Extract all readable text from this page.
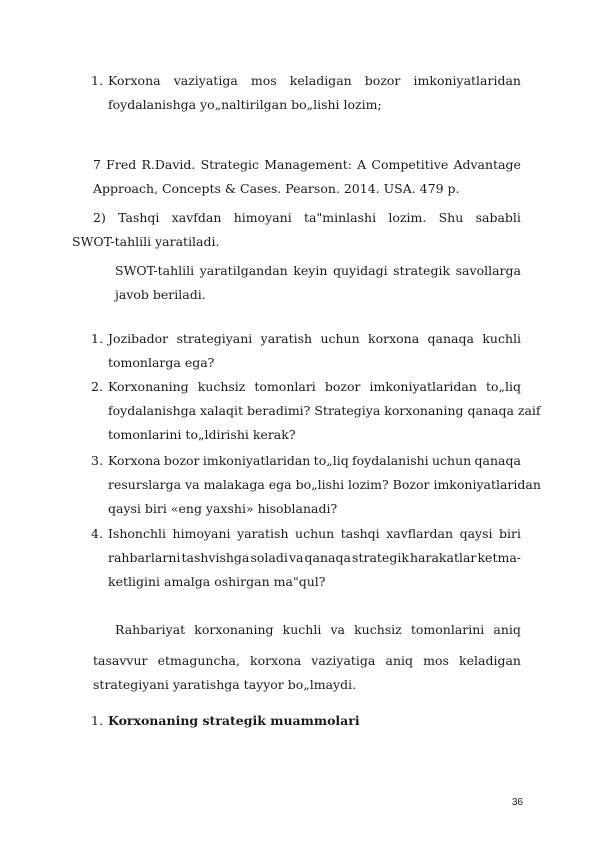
1. Korxona vaziyatiga mos keladigan bozor imkoniyatlaridan
foydalanishga yo„naltirilgan bo„lishi lozim;
7 Fred R.David. Strategic Management: A Competitive Advantage
Approach, Concepts & Cases. Pearson. 2014. USA. 479 p.
2) Tashqi xavfdan himoyani ta"minlashi lozim. Shu sababli
SWOT-tahlili yaratiladi.
SWOT-tahlili yaratilgandan keyin quyidagi strategik savollarga
javob beriladi.
1. Jozibador strategiyani yaratish uchun korxona qanaqa kuchli
tomonlarga ega?
2. Korxonaning kuchsiz tomonlari bozor imkoniyatlaridan to„liq
foydalanishga xalaqit beradimi? Strategiya korxonaning qanaqa zaif
tomonlarini to„ldirishi kerak?
3. Korxona bozor imkoniyatlaridan to„liq foydalanishi uchun qanaqa
resurslarga va malakaga ega bo„lishi lozim? Bozor imkoniyatlaridan
qaysi biri «eng yaxshi» hisoblanadi?
4. Ishonchli himoyani yaratish uchun tashqi xavflardan qaysi biri
rahbarlarni tashvishga soladi va qanaqa strategik harakatlar ketma-
ketligini amalga oshirgan ma"qul?
Rahbariyat korxonaning kuchli va kuchsiz tomonlarini aniq
tasavvur etmaguncha, korxona vaziyatiga aniq mos keladigan
strategiyani yaratishga tayyor bo„lmaydi.
1. Korxonaning strategik muammolari
36
